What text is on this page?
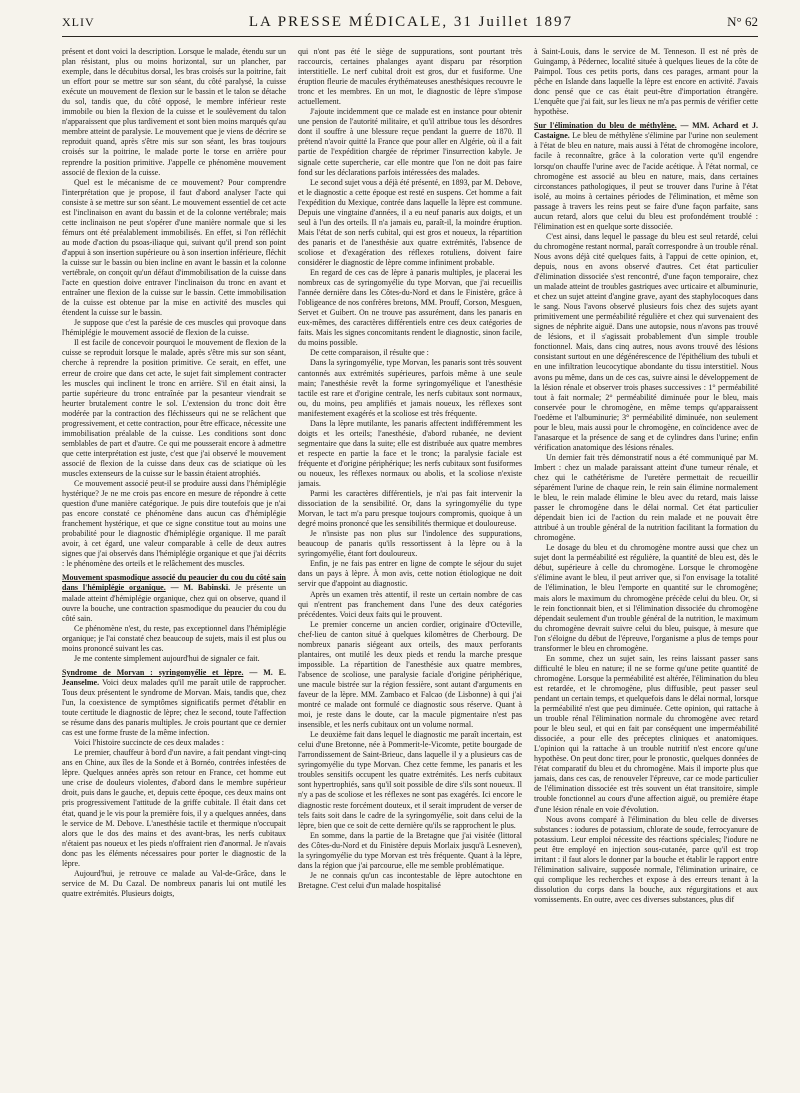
XLIV	LA PRESSE MÉDICALE, 31 Juillet 1897	N° 62

présent et dont voici la description. Lorsque le malade, étendu sur un plan résistant, plus ou moins horizontal, sur un plancher, par exemple, dans le décubitus dorsal, les bras croisés sur la poitrine, fait un effort pour se mettre sur son séant, du côté paralysé, la cuisse exécute un mouvement de flexion sur le bassin et le talon se détache du sol, tandis que, du côté opposé, le membre inférieur reste immobile ou bien la flexion de la cuisse et le soulèvement du talon n'apparaissent que plus tardivement et sont bien moins marqués qu'au membre atteint de paralysie. Le mouvement que je viens de décrire se reproduit quand, après s'être mis sur son séant, les bras toujours croisés sur la poitrine, le malade porte le torse en arrière pour reprendre la position primitive. J'appelle ce phénomène mouvement associé de flexion de la cuisse.

Quel est le mécanisme de ce mouvement? Pour comprendre l'interprétation que je propose, il faut d'abord analyser l'acte qui consiste à se mettre sur son séant. Le mouvement essentiel de cet acte est l'inclinaison en avant du bassin et de la colonne vertébrale; mais cette inclinaison ne peut s'opérer d'une manière normale que si les fémurs ont été préalablement immobilisés. En effet, si l'on réfléchit au mode d'action du psoas-iliaque qui, suivant qu'il prend son point d'appui à son insertion supérieure ou à son insertion inférieure, fléchit la cuisse sur le bassin ou bien incline en avant le bassin et la colonne vertébrale, on conçoit qu'un défaut d'immobilisation de la cuisse dans l'acte en question doive entraver l'inclinaison du tronc en avant et entraîner une flexion de la cuisse sur le bassin. Cette immobilisation de la cuisse est obtenue par la mise en activité des muscles qui étendent la cuisse sur le bassin.

Je suppose que c'est la parésie de ces muscles qui provoque dans l'hémiplégie le mouvement associé de flexion de la cuisse.

Il est facile de concevoir pourquoi le mouvement de flexion de la cuisse se reproduit lorsque le malade, après s'être mis sur son séant, cherche à reprendre la position primitive. Ce serait, en effet, une erreur de croire que dans cet acte, le sujet fait simplement contracter les muscles qui inclinent le tronc en arrière. S'il en était ainsi, la partie supérieure du tronc entraînée par la pesanteur viendrait se heurter brutalement contre le sol. L'extension du tronc doit être modérée par la contraction des fléchisseurs qui ne se relâchent que progressivement, et cette contraction, pour être efficace, nécessite une immobilisation préalable de la cuisse. Les conditions sont donc semblables de part et d'autre. Ce qui me pousserait encore à admettre que cette interprétation est juste, c'est que j'ai observé le mouvement associé de flexion de la cuisse dans deux cas de sciatique où les muscles extenseurs de la cuisse sur le bassin étaient atrophiés.

Ce mouvement associé peut-il se produire aussi dans l'hémiplégie hystérique? Je ne me crois pas encore en mesure de répondre à cette question d'une manière catégorique. Je puis dire toutefois que je n'ai pas encore constaté ce phénomène dans aucun cas d'hémiplégie franchement hystérique, et que ce signe constitue tout au moins une probabilité pour le diagnostic d'hémiplégie organique. Il me paraît avoir, à cet égard, une valeur comparable à celle de deux autres signes que j'ai observés dans l'hémiplégie organique et que j'ai décrits : le phénomène des orteils et le relâchement des muscles.

Mouvement spasmodique associé du peaucier du cou du côté sain dans l'hémiplégie organique. — M. Babinski. Je présente un malade atteint d'hémiplégie organique, chez qui on observe, quand il ouvre la bouche, une contraction spasmodique du peaucier du cou du côté sain.

Ce phénomène n'est, du reste, pas exceptionnel dans l'hémiplégie organique; je l'ai constaté chez beaucoup de sujets, mais il est plus ou moins prononcé suivant les cas.

Je me contente simplement aujourd'hui de signaler ce fait.

Syndrome de Morvan : syringomyélie et lèpre. — M. E. Jeanselme. Voici deux malades qu'il me paraît utile de rapprocher. Tous deux présentent le syndrome de Morvan. Mais, tandis que, chez l'un, la coexistence de symptômes significatifs permet d'établir en toute certitude le diagnostic de lèpre; chez le second, toute l'affection se résume dans des panaris multiples. Je crois pourtant que ce dernier cas est une forme fruste de la même infection.

Voici l'histoire succincte de ces deux malades :

Le premier, chauffeur à bord d'un navire, a fait pendant vingt-cinq ans en Chine, aux îles de la Sonde et à Bornéo, contrées infestées de lèpre. Quelques années après son retour en France, cet homme eut une crise de douleurs violentes, d'abord dans le membre supérieur droit, puis dans le gauche, et, depuis cette époque, ces deux mains ont pris progressivement l'attitude de la griffe cubitale. Il était dans cet état, quand je le vis pour la première fois, il y a quelques années, dans le service de M. Debove. L'anesthésie tactile et thermique n'occupait alors que le dos des mains et des avant-bras, les nerfs cubitaux n'étaient pas noueux et les pieds n'offraient rien d'anormal. Je n'avais donc pas les éléments nécessaires pour porter le diagnostic de la lèpre.

Aujourd'hui, je retrouve ce malade au Val-de-Grâce, dans le service de M. Du Cazal. De nombreux panaris lui ont mutilé les quatre extrémités. Plusieurs doigts,

qui n'ont pas été le siège de suppurations, sont pourtant très raccourcis, certaines phalanges ayant disparu par résorption interstitielle. Le nerf cubital droit est gros, dur et fusiforme. Une éruption fleurie de macules érythémateuses anesthésiques recouvre le tronc et les membres. En un mot, le diagnostic de lèpre s'impose actuellement.

J'ajoute incidemment que ce malade est en instance pour obtenir une pension de l'autorité militaire, et qu'il attribue tous les désordres dont il souffre à une blessure reçue pendant la guerre de 1870. Il prétend n'avoir quitté la France que pour aller en Algérie, où il a fait partie de l'expédition chargée de réprimer l'insurrection kabyle. Je signale cette supercherie, car elle montre que l'on ne doit pas faire fond sur les déclarations parfois intéressées des malades.

Le second sujet vous a déjà été présenté, en 1893, par M. Debove, et le diagnostic a cette époque est resté en suspens. Cet homme a fait l'expédition du Mexique, contrée dans laquelle la lèpre est commune. Depuis une vingtaine d'années, il a eu neuf panaris aux doigts, et un seul à l'un des orteils. Il n'a jamais eu, paraît-il, la moindre éruption. Mais l'état de son nerfs cubital, qui est gros et noueux, la répartition des panaris et de l'anesthésie aux quatre extrémités, l'absence de scoliose et d'exagération des réflexes rotuliens, doivent faire considérer le diagnostic de lèpre comme infiniment probable.

En regard de ces cas de lèpre à panaris multiples, je placerai les nombreux cas de syringomyélie du type Morvan, que j'ai recueillis l'année dernière dans les Côtes-du-Nord et dans le Finistère, grâce à l'obligeance de nos confrères bretons, MM. Prouff, Corson, Mesguen, Servet et Guibert. On ne trouve pas assurément, dans les panaris en eux-mêmes, des caractères différentiels entre ces deux catégories de faits. Mais les signes concomitants rendent le diagnostic, sinon facile, du moins possible.

De cette comparaison, il résulte que :

Dans la syringomyélie, type Morvan, les panaris sont très souvent cantonnés aux extrémités supérieures, parfois même à une seule main; l'anesthésie revêt la forme syringomyélique et l'anesthésie tactile est rare et d'origine centrale, les nerfs cubitaux sont normaux, ou, du moins, peu amplifiés et jamais noueux, les réflexes sont manifestement exagérés et la scoliose est très fréquente.

Dans la lèpre mutilante, les panaris affectent indifféremment les doigts et les orteils; l'anesthésie, d'abord rubanée, ne devient segmentaire que dans la suite; elle est distribuée aux quatre membres et respecte en partie la face et le tronc; la paralysie faciale est fréquente et d'origine périphérique; les nerfs cubitaux sont fusiformes ou noueux, les réflexes normaux ou abolis, et la scoliose n'existe jamais.

Parmi les caractères différentiels, je n'ai pas fait intervenir la dissociation de la sensibilité. Or, dans la syringomyélie du type Morvan, le tact m'a paru presque toujours compromis, quoique à un degré moins prononcé que les sensibilités thermique et douloureuse.

Je n'insiste pas non plus sur l'indolence des suppurations, beaucoup de panaris qu'ils ressortissent à la lèpre ou à la syringomyélie, étant fort douloureux.

Enfin, je ne fais pas entrer en ligne de compte le séjour du sujet dans un pays à lèpre. À mon avis, cette notion étiologique ne doit servir que d'appoint au diagnostic.

Après un examen très attentif, il reste un certain nombre de cas qui n'entrent pas franchement dans l'une des deux catégories précédentes. Voici deux faits qui le prouvent.

Le premier concerne un ancien cordier, originaire d'Octeville, chef-lieu de canton situé à quelques kilomètres de Cherbourg. De nombreux panaris siégeant aux orteils, des maux perforants plantaires, ont mutilé les deux pieds et rendu la marche presque impossible. La répartition de l'anesthésie aux quatre membres, l'absence de scoliose, une paralysie faciale d'origine périphérique, une macule bistrée sur la région fessière, sont autant d'arguments en faveur de la lèpre. MM. Zambaco et Falcao (de Lisbonne) à qui j'ai montré ce malade ont formulé ce diagnostic sous réserve. Quant à moi, je reste dans le doute, car la macule pigmentaire n'est pas insensible, et les nerfs cubitaux ont un volume normal.

Le deuxième fait dans lequel le diagnostic me paraît incertain, est celui d'une Bretonne, née à Pommerit-le-Vicomte, petite bourgade de l'arrondissement de Saint-Brieuc, dans laquelle il y a plusieurs cas de syringomyélie du type Morvan. Chez cette femme, les panaris et les troubles sensitifs occupent les quatre extrémités. Les nerfs cubitaux sont hypertrophiés, sans qu'il soit possible de dire s'ils sont noueux. Il n'y a pas de scoliose et les réflexes ne sont pas exagérés. Ici encore le diagnostic reste forcément douteux, et il serait imprudent de verser de tels faits soit dans le cadre de la syringomyélie, soit dans celui de la lèpre, bien que ce soit de cette dernière qu'ils se rapprochent le plus.

En somme, dans la partie de la Bretagne que j'ai visitée (littoral des Côtes-du-Nord et du Finistère depuis Morlaix jusqu'à Lesneven), la syringomyélie du type Morvan est très fréquente. Quant à la lèpre, dans la région que j'ai parcourue, elle me semble problématique.

Je ne connais qu'un cas incontestable de lèpre autochtone en Bretagne. C'est celui d'un malade hospitalisé

à Saint-Louis, dans le service de M. Tenneson. Il est né près de Guingamp, à Pédernec, localité située à quelques lieues de la côte de Paimpol. Tous ces petits ports, dans ces parages, armant pour la pêche en Islande dans laquelle la lèpre est encore en activité. J'avais donc pensé que ce cas était peut-être d'importation étrangère. L'enquête que j'ai fait, sur les lieux ne m'a pas permis de vérifier cette hypothèse.

Sur l'élimination du bleu de méthylène. — MM. Achard et J. Castaigne. Le bleu de méthylène s'élimine par l'urine non seulement à l'état de bleu en nature, mais aussi à l'état de chromogène incolore, facile à reconnaître, grâce à la coloration verte qu'il engendre lorsqu'on chauffe l'urine avec de l'acide acétique. À l'état normal, ce chromogène est associé au bleu en nature, mais, dans certaines circonstances pathologiques, il peut se trouver dans l'urine à l'état isolé, au moins à certaines périodes de l'élimination, et même son passage à travers les reins peut se faire d'une façon parfaite, sans aucun retard, alors que celui du bleu est profondément troublé : l'élimination est en quelque sorte dissociée.

C'est ainsi, dans lequel le passage du bleu est seul retardé, celui du chromogène restant normal, paraît correspondre à un trouble rénal. Nous avons déjà cité quelques faits, à l'appui de cette opinion, et, depuis, nous en avons observé d'autres. Cet état particulier d'élimination dissociée s'est rencontré, d'une façon temporaire, chez un malade atteint de troubles gastriques avec urticaire et albuminurie, et chez un sujet atteint d'angine grave, ayant des staphylocoques dans le sang. Nous l'avons observé plusieurs fois chez des sujets ayant primitivement une perméabilité régulière et chez qui survenaient des signes de néphrite aiguë. Dans une autopsie, nous n'avons pas trouvé de lésions, et il s'agissait probablement d'un simple trouble fonctionnel. Mais, dans cinq autres, nous avons trouvé des lésions consistant surtout en une dégénérescence de l'épithélium des tubuli et en une infiltration leucocytique abondante du tissu interstitiel. Nous avons pu même, dans un de ces cas, suivre ainsi le développement de la lésion rénale et observer trois phases successives : 1° perméabilité tout à fait normale; 2° perméabilité diminuée pour le bleu, mais conservée pour le chromogène, en même temps qu'apparaissent l'oedème et l'albuminurie; 3° perméabilité diminuée, non seulement pour le bleu, mais aussi pour le chromogène, en coïncidence avec de l'anasarque et la présence de sang et de cylindres dans l'urine; enfin vérification anatomique des lésions rénales.

Un dernier fait très démonstratif nous a été communiqué par M. Imbert : chez un malade paraissant atteint d'une tumeur rénale, et chez qui le cathétérisme de l'uretère permettait de recueillir séparément l'urine de chaque rein, le rein sain élimine normalement le bleu, le rein malade élimine le bleu avec du retard, mais laisse passer le chromogène dans le délai normal. Cet état particulier dépendait bien ici de l'action du rein malade et ne pouvait être attribué à un trouble général de la nutrition facilitant la formation du chromogène.

Le dosage du bleu et du chromogène montre aussi que chez un sujet dont la perméabilité est régulière, la quantité de bleu est, dès le début, supérieure à celle du chromogène. Lorsque le chromogène s'élimine avant le bleu, il peut arriver que, si l'on envisage la totalité de l'élimination, le bleu l'emporte en quantité sur le chromogène; mais alors le maximum du chromogène précède celui du bleu. Or, si le rein fonctionnait bien, et si l'élimination dissociée du chromogène dépendait seulement d'un trouble général de la nutrition, le maximum du chromogène devrait suivre celui du bleu, puisque, à mesure que l'on s'éloigne du début de l'épreuve, l'organisme a plus de temps pour transformer le bleu en chromogène.

En somme, chez un sujet sain, les reins laissant passer sans difficulté le bleu en nature; il ne se forme qu'une petite quantité de chromogène. Lorsque la perméabilité est altérée, l'élimination du bleu est retardée, et le chromogène, plus diffusible, peut passer seul pendant un certain temps, et quelquefois dans le délai normal, lorsque la perméabilité n'est que peu diminuée. Cette opinion, qui rattache à un trouble rénal l'élimination normale du chromogène avec retard pour le bleu seul, et qui en fait par conséquent une imperméabilité dissociée, a pour elle des préceptes cliniques et anatomiques. L'opinion qui la rattache à un trouble nutritif n'est encore qu'une hypothèse. On peut donc tirer, pour le pronostic, quelques données de l'état comparatif du bleu et du chromogène. Mais il importe plus que jamais, dans ces cas, de renouveler l'épreuve, car ce mode particulier de l'élimination dissociée est très souvent un état transitoire, simple trouble fonctionnel au cours d'une affection aiguë, ou première étape d'une lésion rénale en voie d'évolution.

Nous avons comparé à l'élimination du bleu celle de diverses substances : iodures de potassium, chlorate de soude, ferrocyanure de potassium. Leur emploi nécessite des réactions spéciales; l'iodure ne peut être employé en injection sous-cutanée, parce qu'il est trop irritant : il faut alors le donner par la bouche et établir le rapport entre l'élimination salivaire, supposée normale, l'élimination urinaire, ce qui complique les recherches et expose à des erreurs tenant à la dissolution du corps dans la bouche, aux régurgitations et aux vomissements. En outre, avec ces diverses substances, plus dif
